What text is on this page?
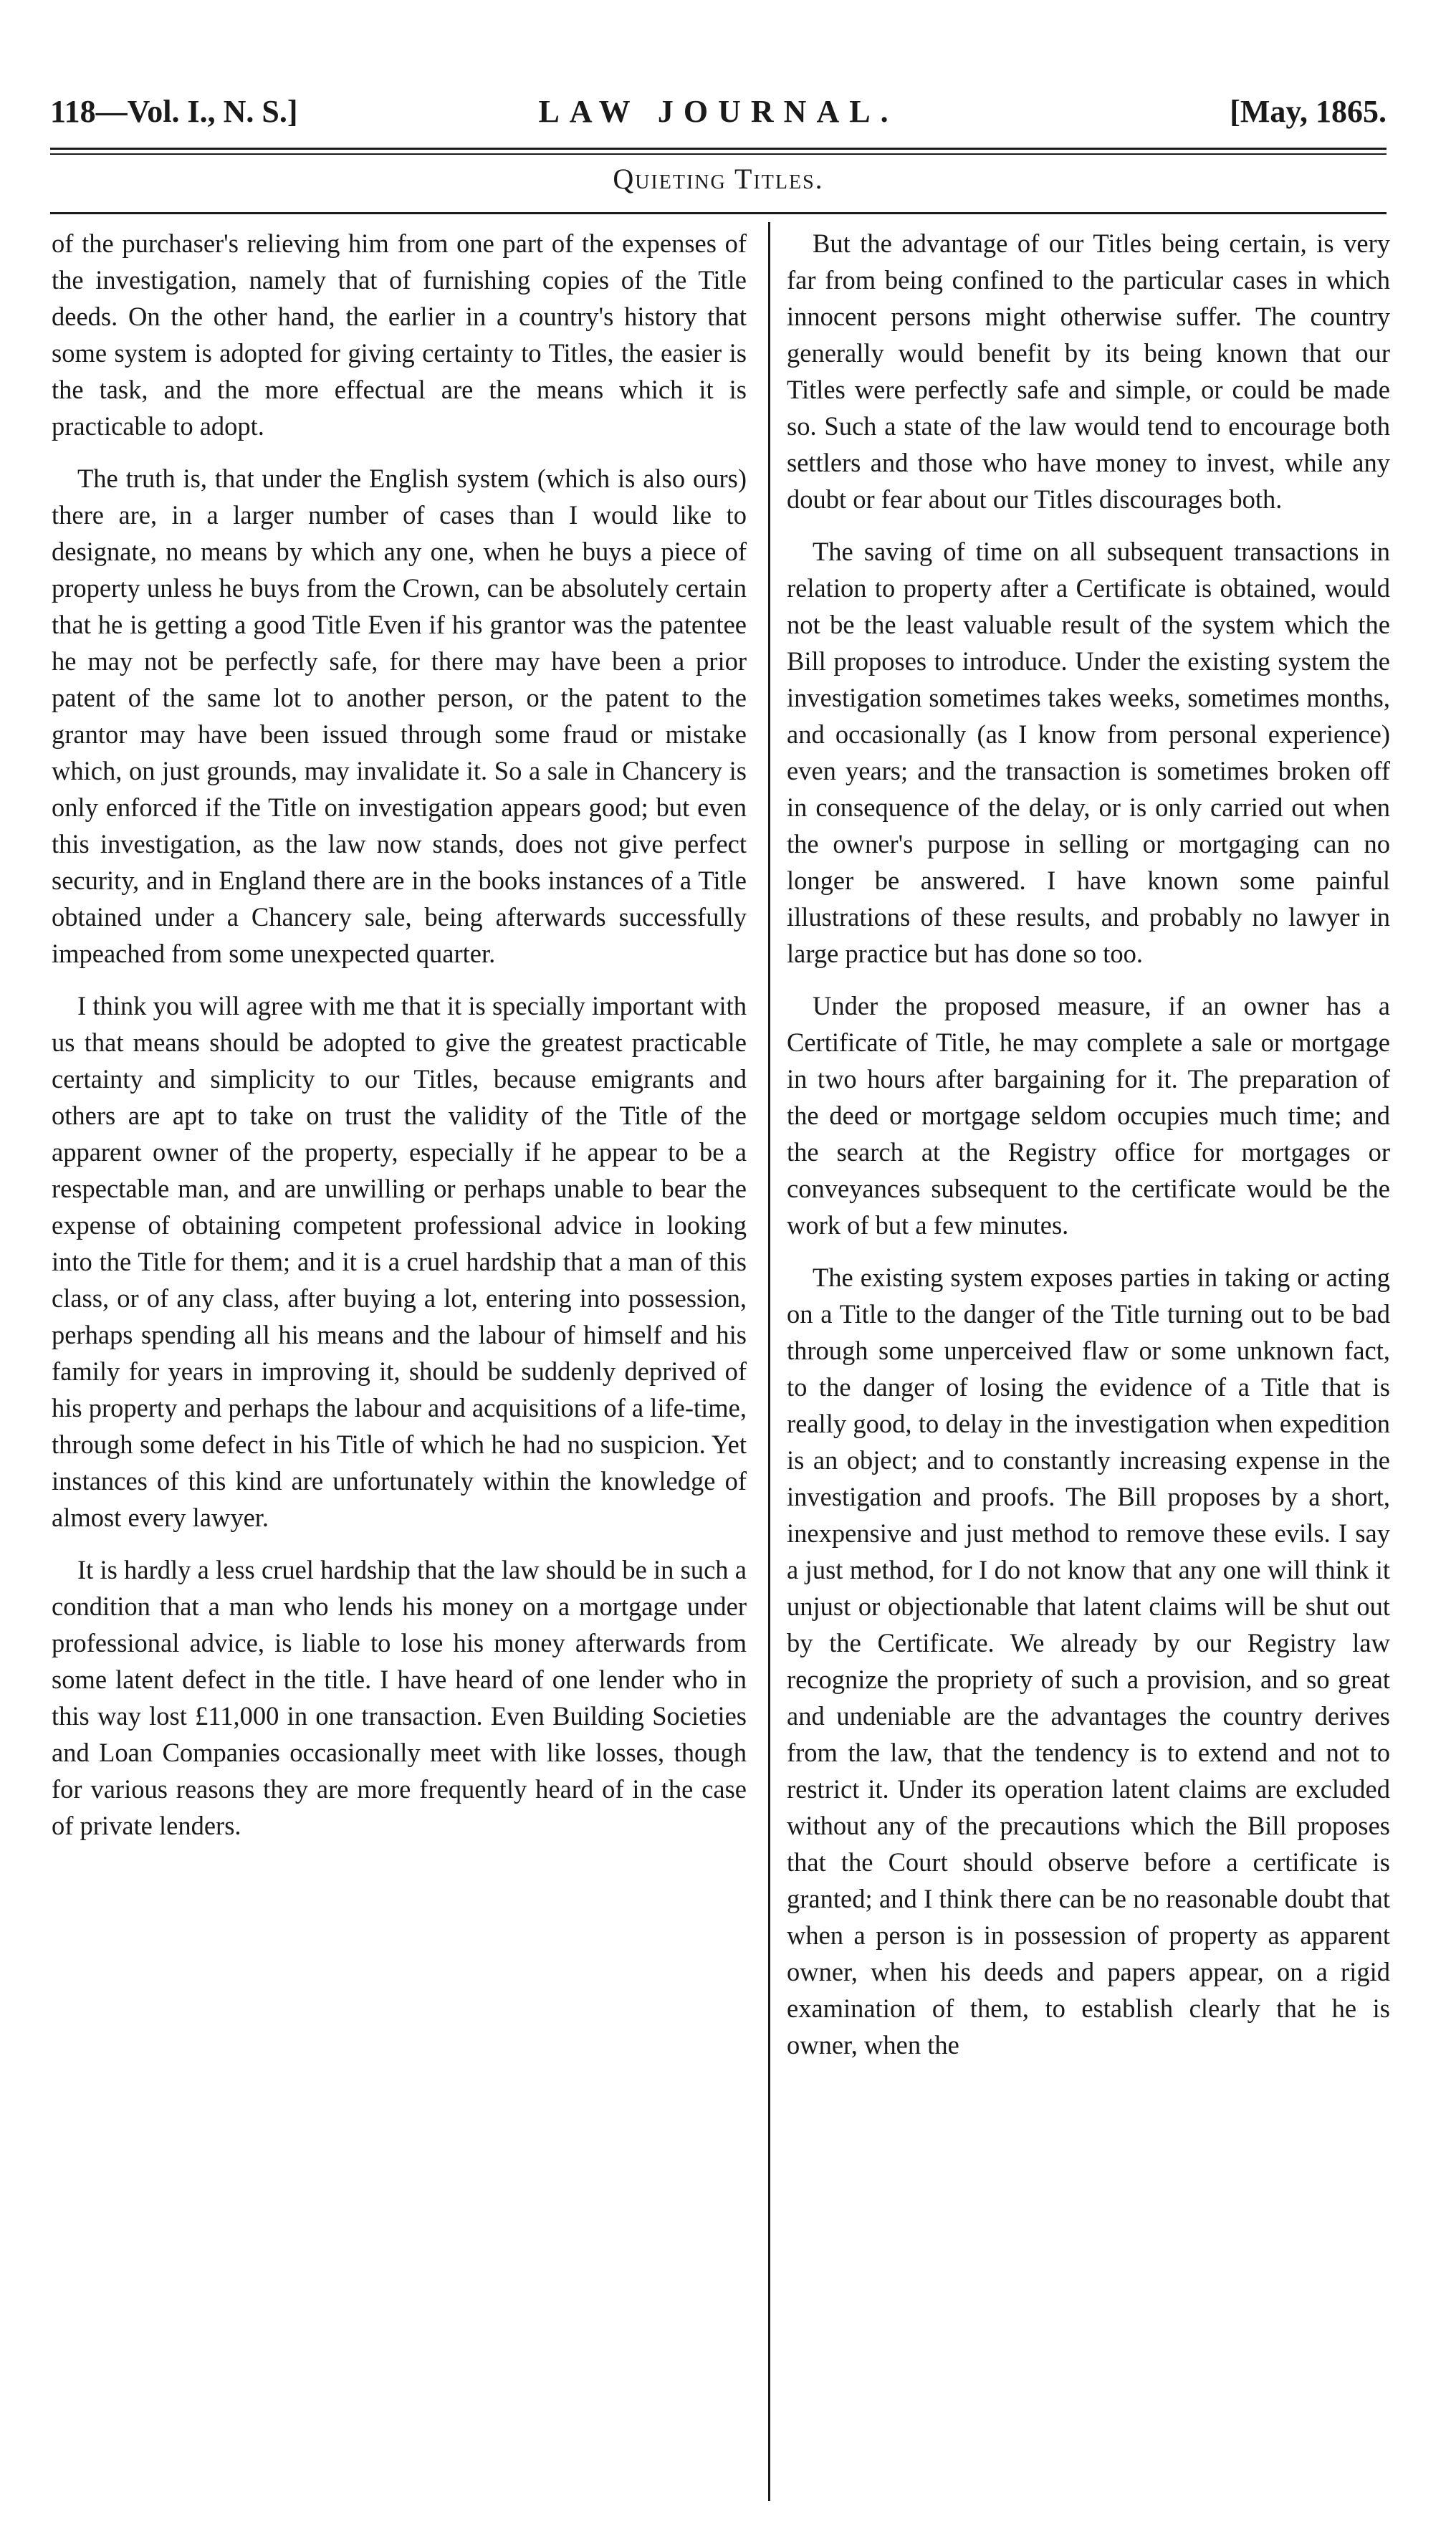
118—Vol. I., N. S.]	LAW JOURNAL.	[May, 1865.
Quieting Titles.

of the purchaser's relieving him from one part of the expenses of the investigation, namely that of furnishing copies of the Title deeds. On the other hand, the earlier in a country's history that some system is adopted for giving certainty to Titles, the easier is the task, and the more effectual are the means which it is practicable to adopt.

The truth is, that under the English system (which is also ours) there are, in a larger number of cases than I would like to designate, no means by which any one, when he buys a piece of property unless he buys from the Crown, can be absolutely certain that he is getting a good Title Even if his grantor was the patentee he may not be perfectly safe, for there may have been a prior patent of the same lot to another person, or the patent to the grantor may have been issued through some fraud or mistake which, on just grounds, may invalidate it. So a sale in Chancery is only enforced if the Title on investigation appears good; but even this investigation, as the law now stands, does not give perfect security, and in England there are in the books instances of a Title obtained under a Chancery sale, being afterwards successfully impeached from some unexpected quarter.

I think you will agree with me that it is specially important with us that means should be adopted to give the greatest practicable certainty and simplicity to our Titles, because emigrants and others are apt to take on trust the validity of the Title of the apparent owner of the property, especially if he appear to be a respectable man, and are unwilling or perhaps unable to bear the expense of obtaining competent professional advice in looking into the Title for them; and it is a cruel hardship that a man of this class, or of any class, after buying a lot, entering into possession, perhaps spending all his means and the labour of himself and his family for years in improving it, should be suddenly deprived of his property and perhaps the labour and acquisitions of a life-time, through some defect in his Title of which he had no suspicion. Yet instances of this kind are unfortunately within the knowledge of almost every lawyer.

It is hardly a less cruel hardship that the law should be in such a condition that a man who lends his money on a mortgage under professional advice, is liable to lose his money afterwards from some latent defect in the title. I have heard of one lender who in this way lost £11,000 in one transaction. Even Building Societies and Loan Companies occasionally meet with like losses, though for various reasons they are more frequently heard of in the case of private lenders.

But the advantage of our Titles being certain, is very far from being confined to the particular cases in which innocent persons might otherwise suffer. The country generally would benefit by its being known that our Titles were perfectly safe and simple, or could be made so. Such a state of the law would tend to encourage both settlers and those who have money to invest, while any doubt or fear about our Titles discourages both.

The saving of time on all subsequent transactions in relation to property after a Certificate is obtained, would not be the least valuable result of the system which the Bill proposes to introduce. Under the existing system the investigation sometimes takes weeks, sometimes months, and occasionally (as I know from personal experience) even years; and the transaction is sometimes broken off in consequence of the delay, or is only carried out when the owner's purpose in selling or mortgaging can no longer be answered. I have known some painful illustrations of these results, and probably no lawyer in large practice but has done so too.

Under the proposed measure, if an owner has a Certificate of Title, he may complete a sale or mortgage in two hours after bargaining for it. The preparation of the deed or mortgage seldom occupies much time; and the search at the Registry office for mortgages or conveyances subsequent to the certificate would be the work of but a few minutes.

The existing system exposes parties in taking or acting on a Title to the danger of the Title turning out to be bad through some unperceived flaw or some unknown fact, to the danger of losing the evidence of a Title that is really good, to delay in the investigation when expedition is an object; and to constantly increasing expense in the investigation and proofs. The Bill proposes by a short, inexpensive and just method to remove these evils. I say a just method, for I do not know that any one will think it unjust or objectionable that latent claims will be shut out by the Certificate. We already by our Registry law recognize the propriety of such a provision, and so great and undeniable are the advantages the country derives from the law, that the tendency is to extend and not to restrict it. Under its operation latent claims are excluded without any of the precautions which the Bill proposes that the Court should observe before a certificate is granted; and I think there can be no reasonable doubt that when a person is in possession of property as apparent owner, when his deeds and papers appear, on a rigid examination of them, to establish clearly that he is owner, when the
